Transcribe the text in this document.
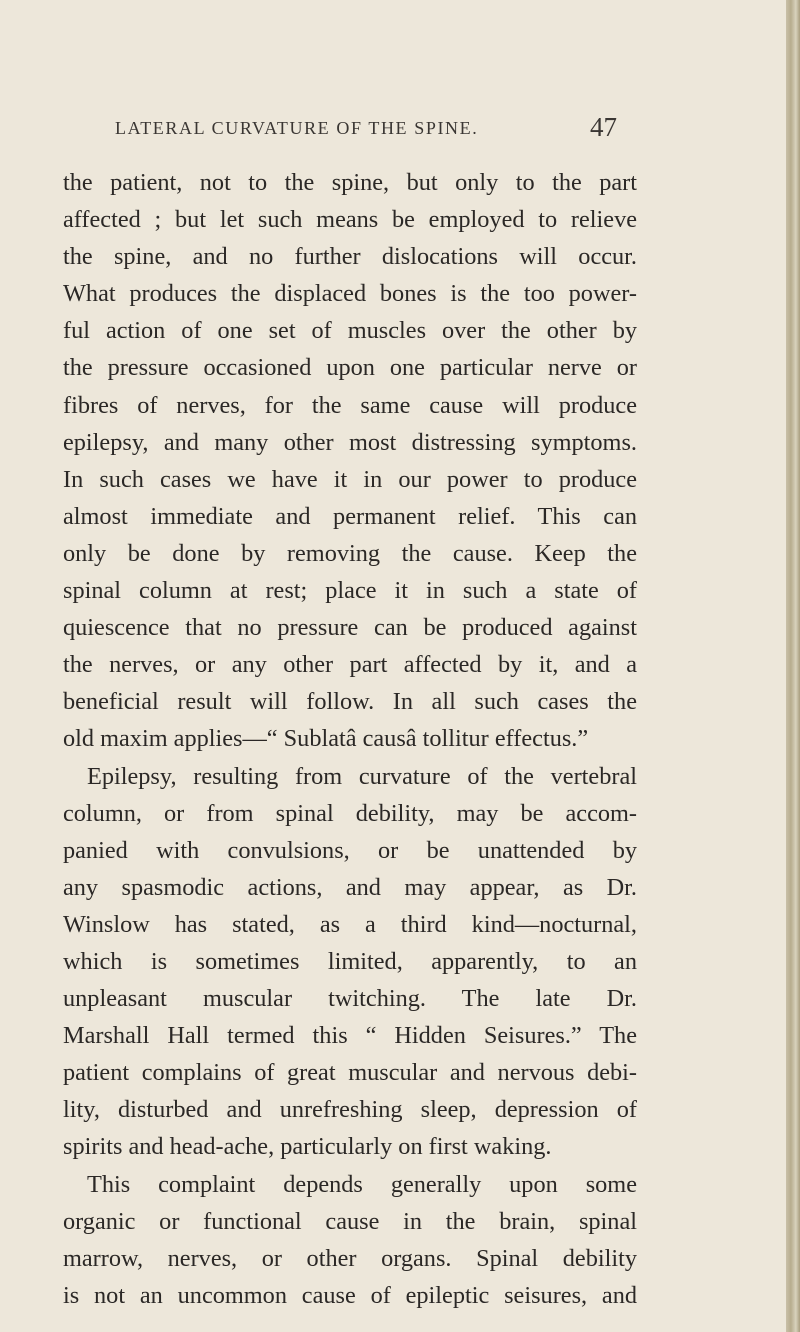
LATERAL CURVATURE OF THE SPINE.	47
the patient, not to the spine, but only to the part
affected ; but let such means be employed to relieve
the spine, and no further dislocations will occur.
What produces the displaced bones is the too power-
ful action of one set of muscles over the other by
the pressure occasioned upon one particular nerve or
fibres of nerves, for the same cause will produce
epilepsy, and many other most distressing symptoms.
In such cases we have it in our power to produce
almost immediate and permanent relief. This can
only be done by removing the cause. Keep the
spinal column at rest; place it in such a state of
quiescence that no pressure can be produced against
the nerves, or any other part affected by it, and a
beneficial result will follow. In all such cases the
old maxim applies—“ Sublatâ causâ tollitur effectus.”
Epilepsy, resulting from curvature of the vertebral
column, or from spinal debility, may be accom-
panied with convulsions, or be unattended by
any spasmodic actions, and may appear, as Dr.
Winslow has stated, as a third kind—nocturnal,
which is sometimes limited, apparently, to an
unpleasant muscular twitching. The late Dr.
Marshall Hall termed this “ Hidden Seisures.” The
patient complains of great muscular and nervous debi-
lity, disturbed and unrefreshing sleep, depression of
spirits and head-ache, particularly on first waking.
This complaint depends generally upon some
organic or functional cause in the brain, spinal
marrow, nerves, or other organs. Spinal debility
is not an uncommon cause of epileptic seisures, and
